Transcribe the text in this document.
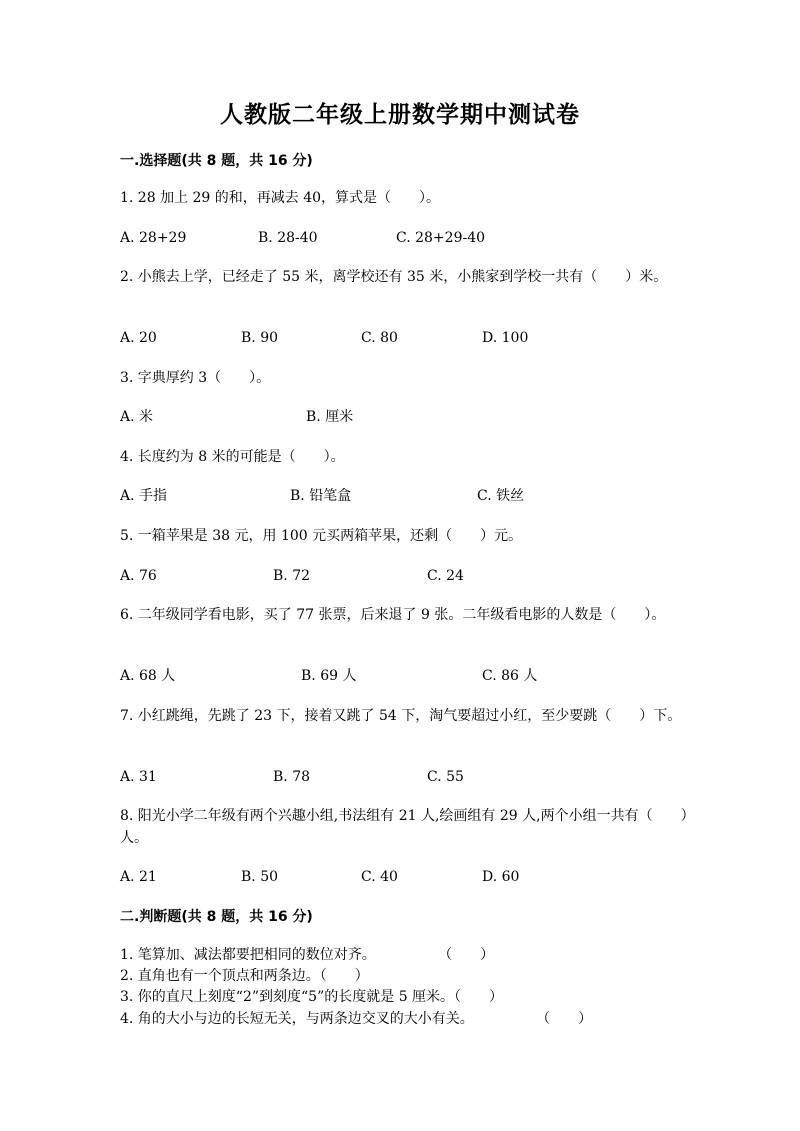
人教版二年级上册数学期中测试卷
一.选择题(共 8 题，共 16 分)
1. 28 加上 29 的和，再减去 40，算式是（　　）。
A. 28+29	B. 28-40	C. 28+29-40
2. 小熊去上学，已经走了 55 米，离学校还有 35 米，小熊家到学校一共有（　　）米。
A. 20	B. 90	C. 80	D. 100
3. 字典厚约 3（　　）。
A. 米	B. 厘米
4. 长度约为 8 米的可能是（　　）。
A. 手指	B. 铅笔盒	C. 铁丝
5. 一箱苹果是 38 元，用 100 元买两箱苹果，还剩（　　）元。
A. 76	B. 72	C. 24
6. 二年级同学看电影，买了 77 张票，后来退了 9 张。二年级看电影的人数是（　　）。
A. 68 人	B. 69 人	C. 86 人
7. 小红跳绳，先跳了 23 下，接着又跳了 54 下，淘气要超过小红，至少要跳（　　）下。
A. 31	B. 78	C. 55
8. 阳光小学二年级有两个兴趣小组,书法组有 21 人,绘画组有 29 人,两个小组一共有（　　）人。
A. 21	B. 50	C. 40	D. 60
二.判断题(共 8 题，共 16 分)
1. 笔算加、减法都要把相同的数位对齐。              （　　）
2. 直角也有一个顶点和两条边。（　　）
3. 你的直尺上刻度“2”到刻度“5”的长度就是 5 厘米。（　　）
4. 角的大小与边的长短无关，与两条边交叉的大小有关。              （　　）
